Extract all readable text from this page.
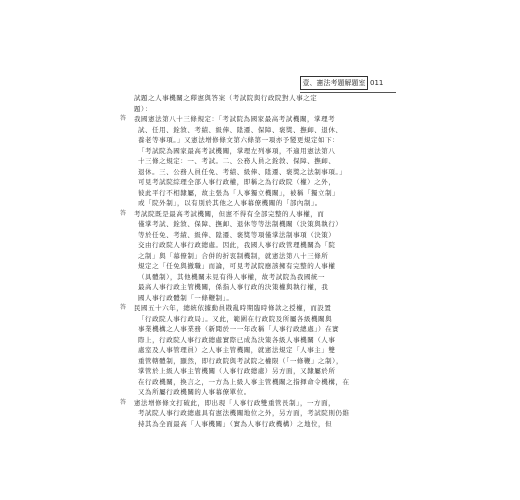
壹、憲法考題解題室 011
試題之人事機關之釋憲與答案（考試院與行政院對人事之定
題）：
答 我國憲法第八十三條規定：「考試院為國家最高考試機關，掌理考
試、任用、銓敘、考績、級俸、陞遷、保障、褒獎、撫卹、退休、
養老等事項。」又憲法增修條文第六條第一項亦予變更規定如下：
「考試院為國家最高考試機關，掌理左列事項，不適用憲法第八
十三條之規定：一、考試。二、公務人員之銓敘、保障、撫卹、
退休。三、公務人員任免、考績、級俸、陞遷、褒獎之法制事項。」
可見考試院綜理全部人事行政權，即稱之為行政院（權）之外，
彼此平行不相隸屬，故主張為「人事獨立機關」，被稱「獨立制」
或「院外制」，以有別於其他之人事幕僚機關的「部內制」。
答 考試院既是最高考試機關，但憲不得有全部完整的人事權，而
僅掌考試、銓敘、保障、撫卹、退休等等法制機關（決策與執行）
等於任免、考績、級俸、陞遷、褒獎等項僅掌法制事項（決策）
交由行政院人事行政總處。因此，我國人事行政管理機關為「院
之制」與「幕僚制」合併的折衷制機制，就憲法第八十三條所
規定之「任免與撤職」而論，可見考試院應該擁有完整的人事權
（具體制），其他機關未見有得人事權，故考試院為我國統一
最高人事行政主管機關，係指人事行政的決策權與執行權，我
國人事行政體制「一條鞭制」。
答 民國五十六年，總統依據動員戡亂時期臨時條款之授權，而設置
「行政院人事行政局」。又此，範圍在行政院及所屬各級機關與
事業機構之人事業務（新聞於一一年改稱「人事行政總處」）在實
際上，行政院人事行政總處實際已成為決策各級人事機關（人事
處室及人事管理員）之人事主管機關，就憲法規定「人事主」雙
重管轄體制，顯然，即行政院與考試院之權限（「一條鞭」之制），
掌管於上級人事主管機關（人事行政總處）另方面，又隸屬於所
在行政機關，換言之，一方為上級人事主管機關之指揮命令機構，在
又為所屬行政機關的人事幕僚單位。
答 憲法增修條文打破此，即出現「人事行政雙重管長制」，一方面，
考試院人事行政總處具有憲法機關地位之外，另方面，考試院則仍維
持其為全面最高「人事機關」（實為人事行政機構）之地位，但
